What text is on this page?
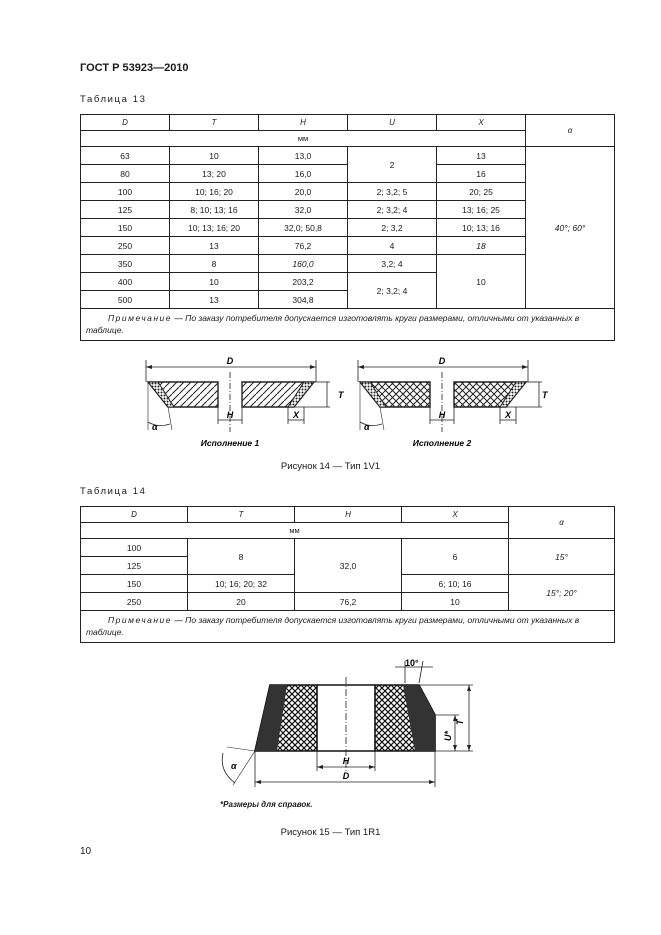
ГОСТ Р 53923—2010
Таблица 13
D	T	H	U	X	α
мм					
63	10	13,0	2	13	40°; 60°
80	13; 20	16,0		16	
100	10; 16; 20	20,0	2; 3,2; 5	20; 25	
125	8; 10; 13; 16	32,0	2; 3,2; 4	13; 16; 25	
150	10; 13; 16; 20	32,0; 50,8	2; 3,2	10; 13; 16	
250	13	76,2	4	18	
350	8	160,0	3,2; 4	10	
400	10	203,2	2; 3,2; 4		
500	13	304,8			
Примечание — По заказу потребителя допускается изготовлять круги размерами, отличными от указанных в таблице.					
D
H	X
T
α
Исполнение 1
D
H	X
T
α
Исполнение 2
Рисунок 14 — Тип 1V1
Таблица 14
D	T	H	X	α
мм				
100	8	32,0	6	15°
125				
150	10; 16; 20; 32		6; 10; 16	15°; 20°
250	20	76,2	10	
Примечание — По заказу потребителя допускается изготовлять круги размерами, отличными от указанных в таблице.				
10°
H
D
T
U*
α
*Размеры для справок.
Рисунок 15 — Тип 1R1
10
